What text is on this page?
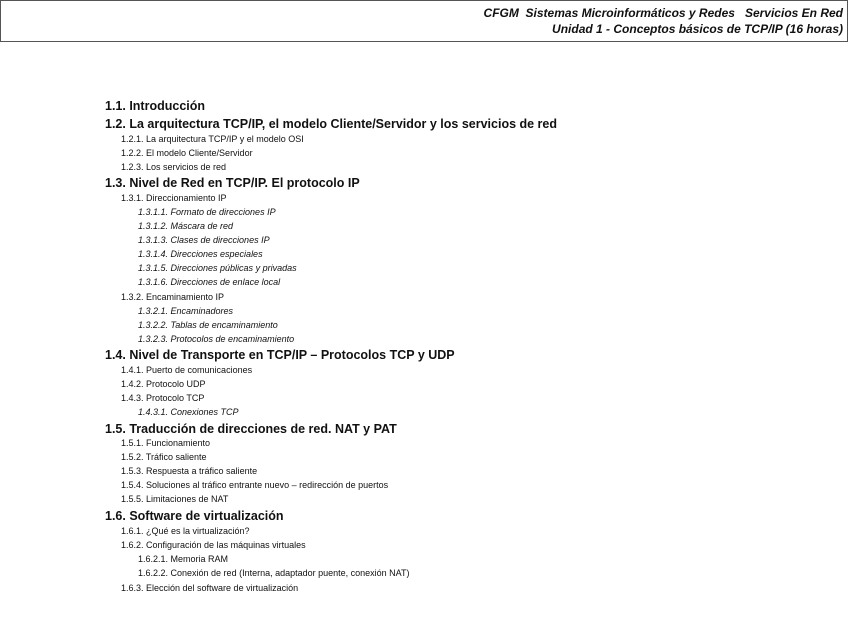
CFGM  Sistemas Microinformáticos y Redes   Servicios En Red
Unidad 1 - Conceptos básicos de TCP/IP (16 horas)
1.1. Introducción
1.2. La arquitectura TCP/IP, el modelo Cliente/Servidor y los servicios de red
1.2.1. La arquitectura TCP/IP y el modelo OSI
1.2.2. El modelo Cliente/Servidor
1.2.3. Los servicios de red
1.3. Nivel de Red en TCP/IP. El protocolo IP
1.3.1. Direccionamiento IP
1.3.1.1. Formato de direcciones IP
1.3.1.2. Máscara de red
1.3.1.3. Clases de direcciones IP
1.3.1.4. Direcciones especiales
1.3.1.5. Direcciones públicas y privadas
1.3.1.6. Direcciones de enlace local
1.3.2. Encaminamiento IP
1.3.2.1. Encaminadores
1.3.2.2. Tablas de encaminamiento
1.3.2.3. Protocolos de encaminamiento
1.4. Nivel de Transporte en TCP/IP – Protocolos TCP y UDP
1.4.1. Puerto de comunicaciones
1.4.2. Protocolo UDP
1.4.3. Protocolo TCP
1.4.3.1. Conexiones TCP
1.5. Traducción de direcciones de red. NAT y PAT
1.5.1. Funcionamiento
1.5.2. Tráfico saliente
1.5.3. Respuesta a tráfico saliente
1.5.4. Soluciones al tráfico entrante nuevo – redirección de puertos
1.5.5. Limitaciones de NAT
1.6. Software de virtualización
1.6.1. ¿Qué es la virtualización?
1.6.2. Configuración de las máquinas virtuales
1.6.2.1. Memoria RAM
1.6.2.2. Conexión de red (Interna, adaptador puente, conexión NAT)
1.6.3. Elección del software de virtualización
